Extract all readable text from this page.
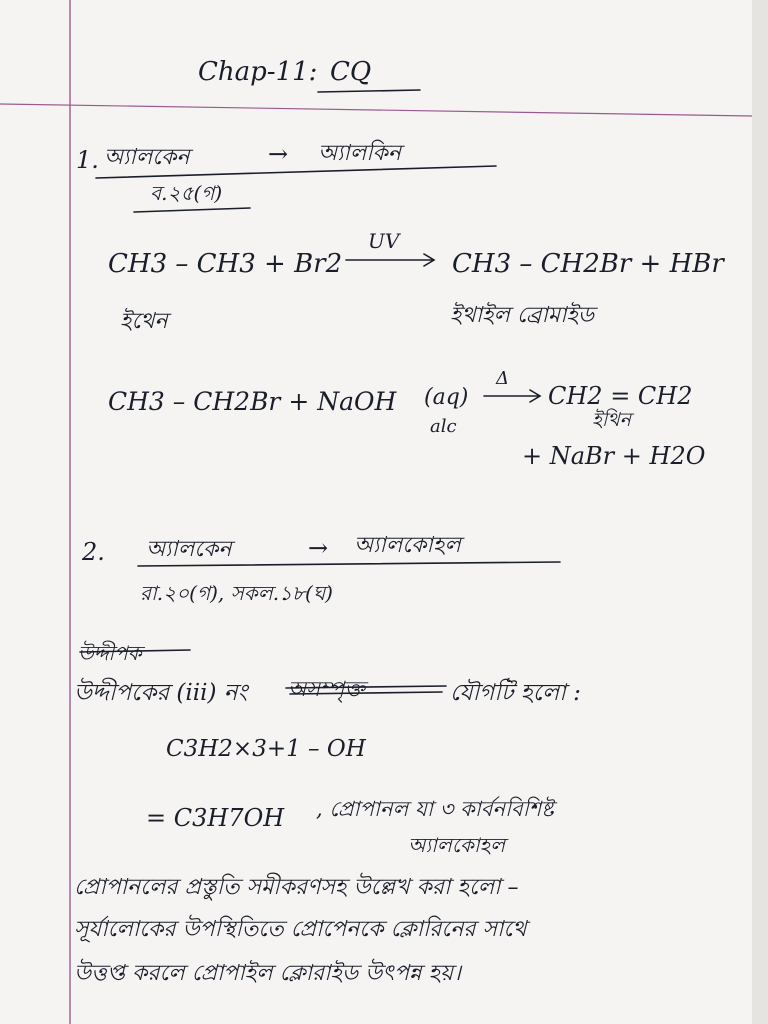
Chap-11: CQ
1. অ্যালকেন	→ অ্যালকিন
ব.২৫(গ)
CH3 – CH3 + Br2
UV
CH3 – CH2Br + HBr
ইথেন	ইথাইল ব্রোমাইড
CH3 – CH2Br + NaOH (aq)
alc
Δ
CH2 = CH2
ইথিন
+ NaBr + H2O
2. অ্যালকেন	→ অ্যালকোহল
রা.২০(গ), সকল.১৮(ঘ)
উদ্দীপক
উদ্দীপকের (iii) নং অসম্পৃক্ত	যৌগটি হলো :
C3H2×3+1 – OH
= C3H7OH , প্রোপানল যা ৩ কার্বনবিশিষ্ট
অ্যালকোহল
প্রোপানলের প্রস্তুতি সমীকরণসহ উল্লেখ করা হলো –
সূর্যালোকের উপস্থিতিতে প্রোপেনকে ক্লোরিনের সাথে
উত্তপ্ত করলে প্রোপাইল ক্লোরাইড উৎপন্ন হয়।
